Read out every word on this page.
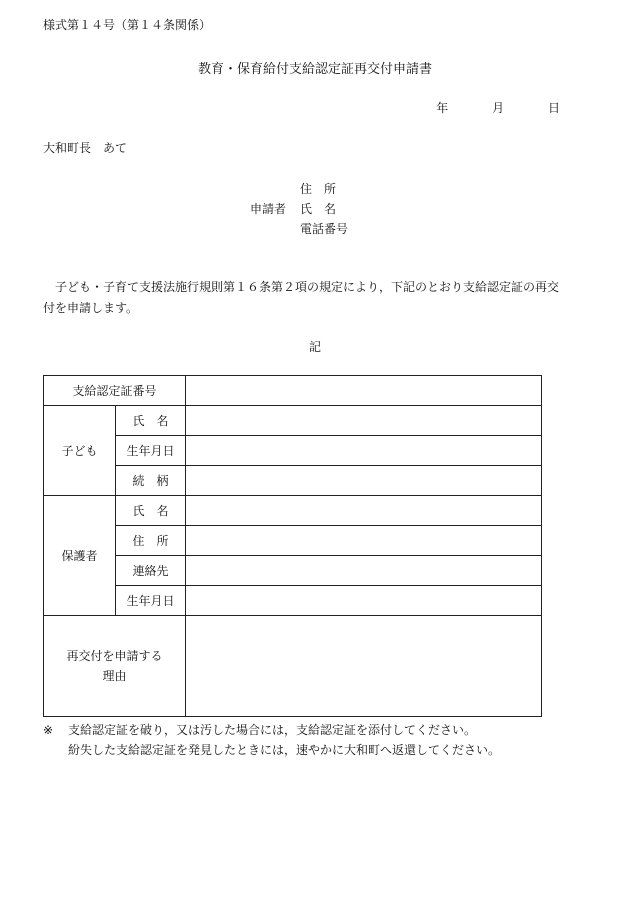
様式第１４号（第１４条関係）
教育・保育給付支給認定証再交付申請書
年	月	日
大和町長　あて
住　所
申請者	氏　名
電話番号
子ども・子育て支援法施行規則第１６条第２項の規定により，下記のとおり支給認定証の再交付を申請します。
記
支給認定証番号		
子ども	氏　名	
	生年月日	
	続　柄	
保護者	氏　名	
	住　所	
	連絡先	
	生年月日	

再交付を申請する
理由		

※ 支給認定証を破り，又は汚した場合には，支給認定証を添付してください。
紛失した支給認定証を発見したときには，速やかに大和町へ返還してください。
